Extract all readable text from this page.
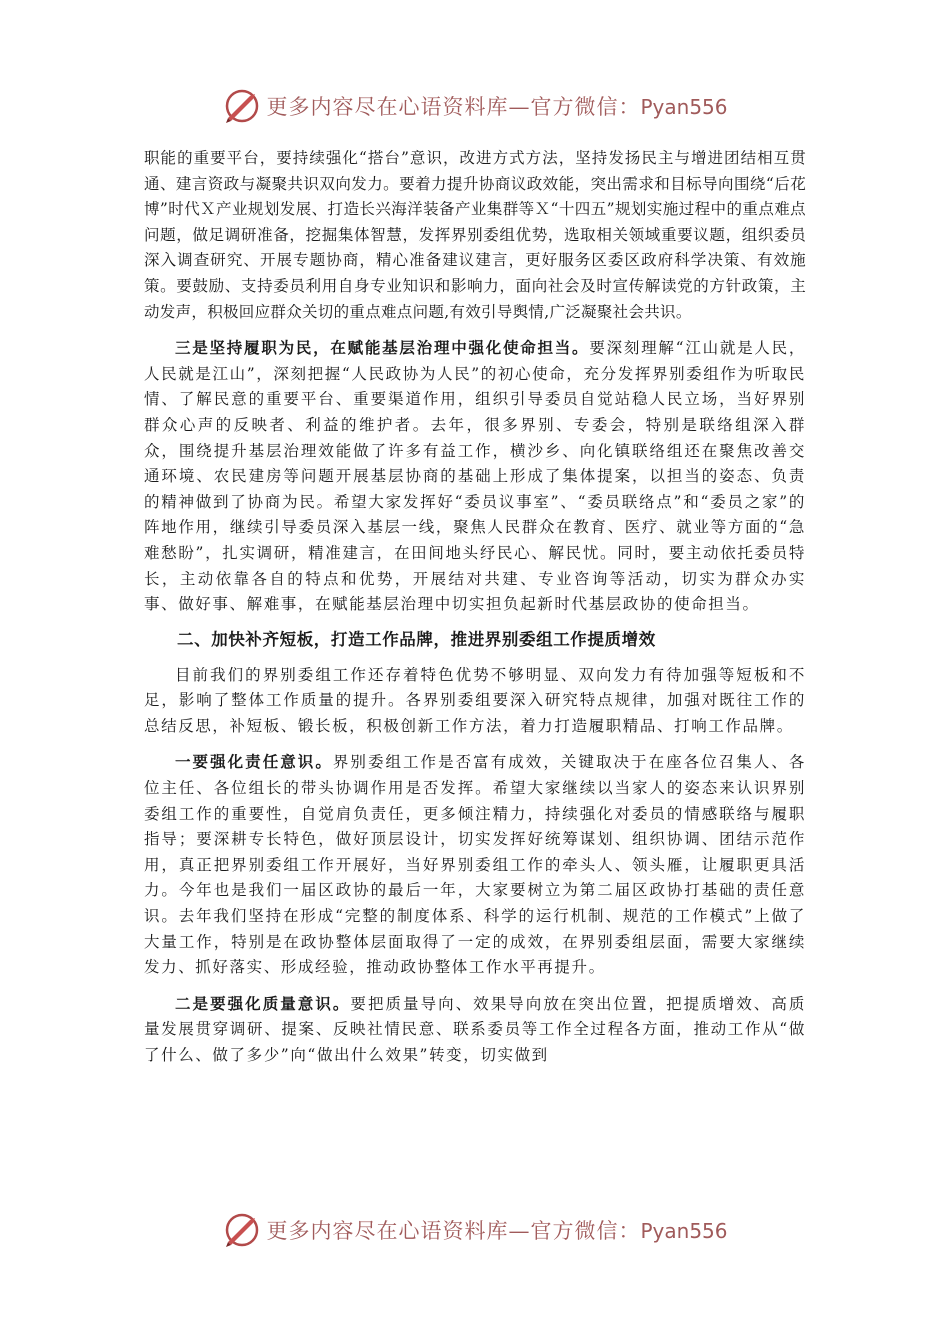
更多内容尽在心语资料库—官方微信：Pyan556

职能的重要平台，要持续强化“搭台”意识，改进方式方法，坚持发扬民主与增进团结相互贯通、建言资政与凝聚共识双向发力。要着力提升协商议政效能，突出需求和目标导向围绕“后花博”时代Ｘ产业规划发展、打造长兴海洋装备产业集群等Ｘ“十四五”规划实施过程中的重点难点问题，做足调研准备，挖掘集体智慧，发挥界别委组优势，选取相关领域重要议题，组织委员深入调查研究、开展专题协商，精心准备建议建言，更好服务区委区政府科学决策、有效施策。要鼓励、支持委员利用自身专业知识和影响力，面向社会及时宣传解读党的方针政策，主动发声，积极回应群众关切的重点难点问题,有效引导舆情,广泛凝聚社会共识。

三是坚持履职为民，在赋能基层治理中强化使命担当。要深刻理解“江山就是人民，人民就是江山”，深刻把握“人民政协为人民”的初心使命，充分发挥界别委组作为听取民情、了解民意的重要平台、重要渠道作用，组织引导委员自觉站稳人民立场，当好界别群众心声的反映者、利益的维护者。去年，很多界别、专委会，特别是联络组深入群众，围绕提升基层治理效能做了许多有益工作，横沙乡、向化镇联络组还在聚焦改善交通环境、农民建房等问题开展基层协商的基础上形成了集体提案，以担当的姿态、负责的精神做到了协商为民。希望大家发挥好“委员议事室”、“委员联络点”和“委员之家”的阵地作用，继续引导委员深入基层一线，聚焦人民群众在教育、医疗、就业等方面的“急难愁盼”，扎实调研，精准建言，在田间地头纾民心、解民忧。同时，要主动依托委员特长，主动依靠各自的特点和优势，开展结对共建、专业咨询等活动，切实为群众办实事、做好事、解难事，在赋能基层治理中切实担负起新时代基层政协的使命担当。

二、加快补齐短板，打造工作品牌，推进界别委组工作提质增效

目前我们的界别委组工作还存着特色优势不够明显、双向发力有待加强等短板和不足，影响了整体工作质量的提升。各界别委组要深入研究特点规律，加强对既往工作的总结反思，补短板、锻长板，积极创新工作方法，着力打造履职精品、打响工作品牌。

一要强化责任意识。界别委组工作是否富有成效，关键取决于在座各位召集人、各位主任、各位组长的带头协调作用是否发挥。希望大家继续以当家人的姿态来认识界别委组工作的重要性，自觉肩负责任，更多倾注精力，持续强化对委员的情感联络与履职指导；要深耕专长特色，做好顶层设计，切实发挥好统筹谋划、组织协调、团结示范作用，真正把界别委组工作开展好，当好界别委组工作的牵头人、领头雁，让履职更具活力。今年也是我们一届区政协的最后一年，大家要树立为第二届区政协打基础的责任意识。去年我们坚持在形成“完整的制度体系、科学的运行机制、规范的工作模式”上做了大量工作，特别是在政协整体层面取得了一定的成效，在界别委组层面，需要大家继续发力、抓好落实、形成经验，推动政协整体工作水平再提升。

二是要强化质量意识。要把质量导向、效果导向放在突出位置，把提质增效、高质量发展贯穿调研、提案、反映社情民意、联系委员等工作全过程各方面，推动工作从“做了什么、做了多少”向“做出什么效果”转变，切实做到

更多内容尽在心语资料库—官方微信：Pyan556
